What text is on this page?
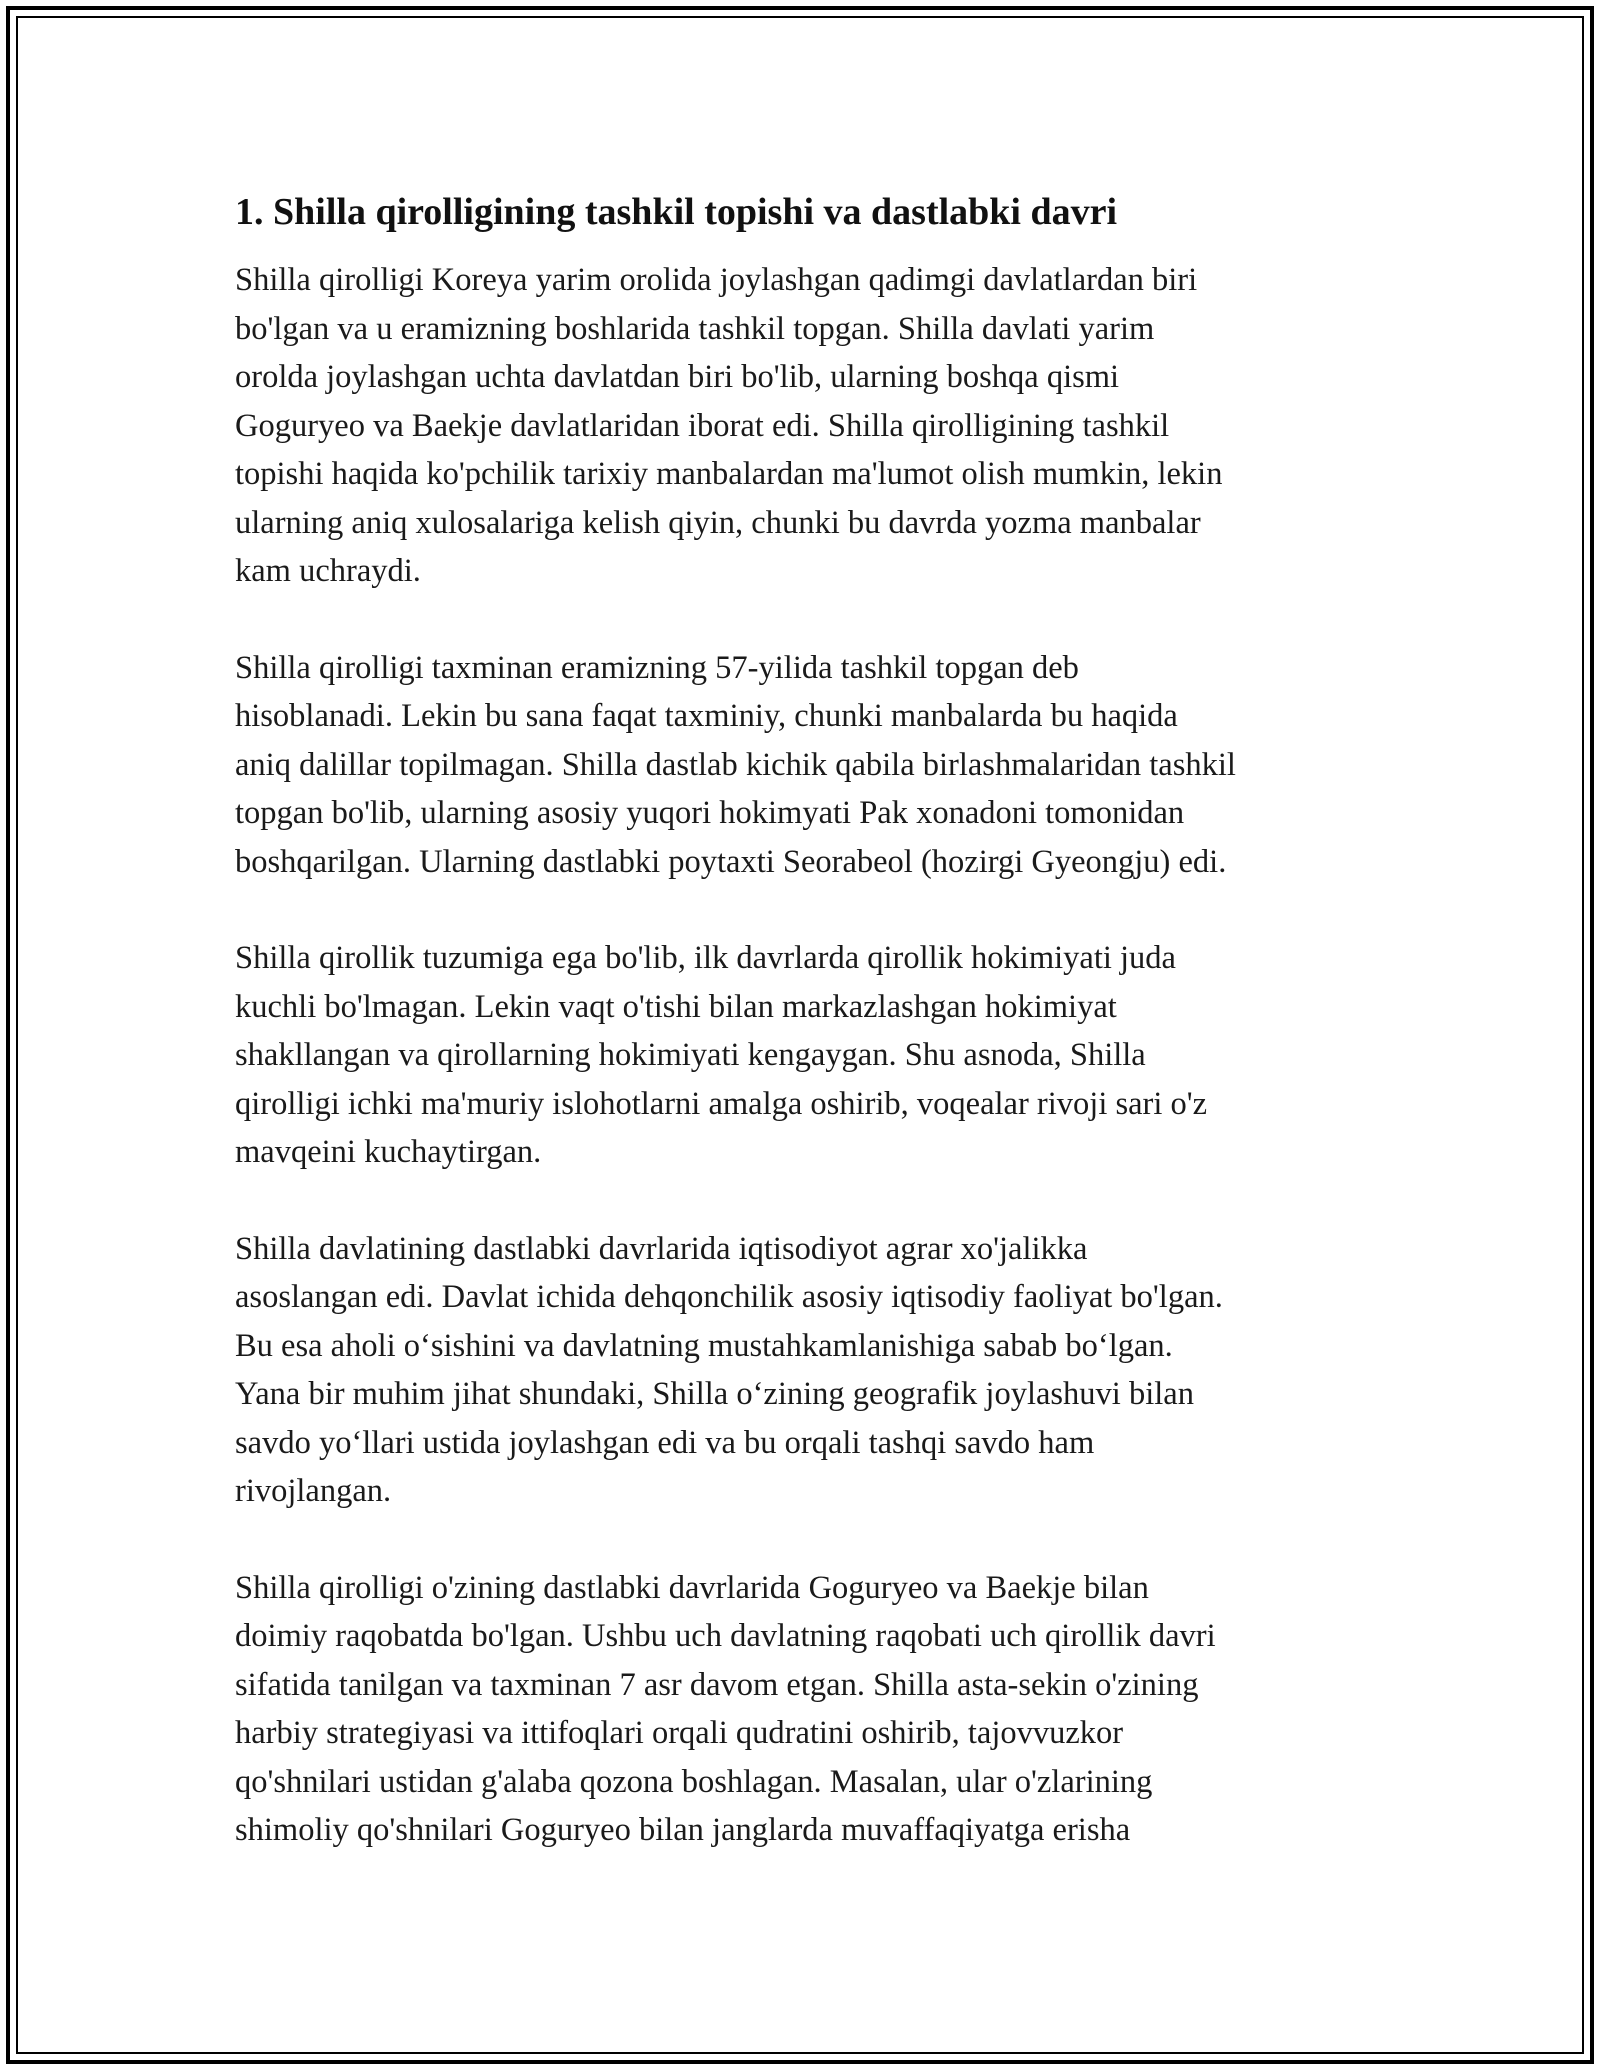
1. Shilla qirolligining tashkil topishi va dastlabki davri

Shilla qirolligi Koreya yarim orolida joylashgan qadimgi davlatlardan biri
bo'lgan va u eramizning boshlarida tashkil topgan. Shilla davlati yarim
orolda joylashgan uchta davlatdan biri bo'lib, ularning boshqa qismi
Goguryeo va Baekje davlatlaridan iborat edi. Shilla qirolligining tashkil
topishi haqida ko'pchilik tarixiy manbalardan ma'lumot olish mumkin, lekin
ularning aniq xulosalariga kelish qiyin, chunki bu davrda yozma manbalar
kam uchraydi.

Shilla qirolligi taxminan eramizning 57-yilida tashkil topgan deb
hisoblanadi. Lekin bu sana faqat taxminiy, chunki manbalarda bu haqida
aniq dalillar topilmagan. Shilla dastlab kichik qabila birlashmalaridan tashkil
topgan bo'lib, ularning asosiy yuqori hokimyati Pak xonadoni tomonidan
boshqarilgan. Ularning dastlabki poytaxti Seorabeol (hozirgi Gyeongju) edi.

Shilla qirollik tuzumiga ega bo'lib, ilk davrlarda qirollik hokimiyati juda
kuchli bo'lmagan. Lekin vaqt o'tishi bilan markazlashgan hokimiyat
shakllangan va qirollarning hokimiyati kengaygan. Shu asnoda, Shilla
qirolligi ichki ma'muriy islohotlarni amalga oshirib, voqealar rivoji sari o'z
mavqeini kuchaytirgan.

Shilla davlatining dastlabki davrlarida iqtisodiyot agrar xo'jalikka
asoslangan edi. Davlat ichida dehqonchilik asosiy iqtisodiy faoliyat bo'lgan.
Bu esa aholi o‘sishini va davlatning mustahkamlanishiga sabab bo‘lgan.
Yana bir muhim jihat shundaki, Shilla o‘zining geografik joylashuvi bilan
savdo yo‘llari ustida joylashgan edi va bu orqali tashqi savdo ham
rivojlangan.

Shilla qirolligi o'zining dastlabki davrlarida Goguryeo va Baekje bilan
doimiy raqobatda bo'lgan. Ushbu uch davlatning raqobati uch qirollik davri
sifatida tanilgan va taxminan 7 asr davom etgan. Shilla asta-sekin o'zining
harbiy strategiyasi va ittifoqlari orqali qudratini oshirib, tajovvuzkor
qo'shnilari ustidan g'alaba qozona boshlagan. Masalan, ular o'zlarining
shimoliy qo'shnilari Goguryeo bilan janglarda muvaffaqiyatga erisha
